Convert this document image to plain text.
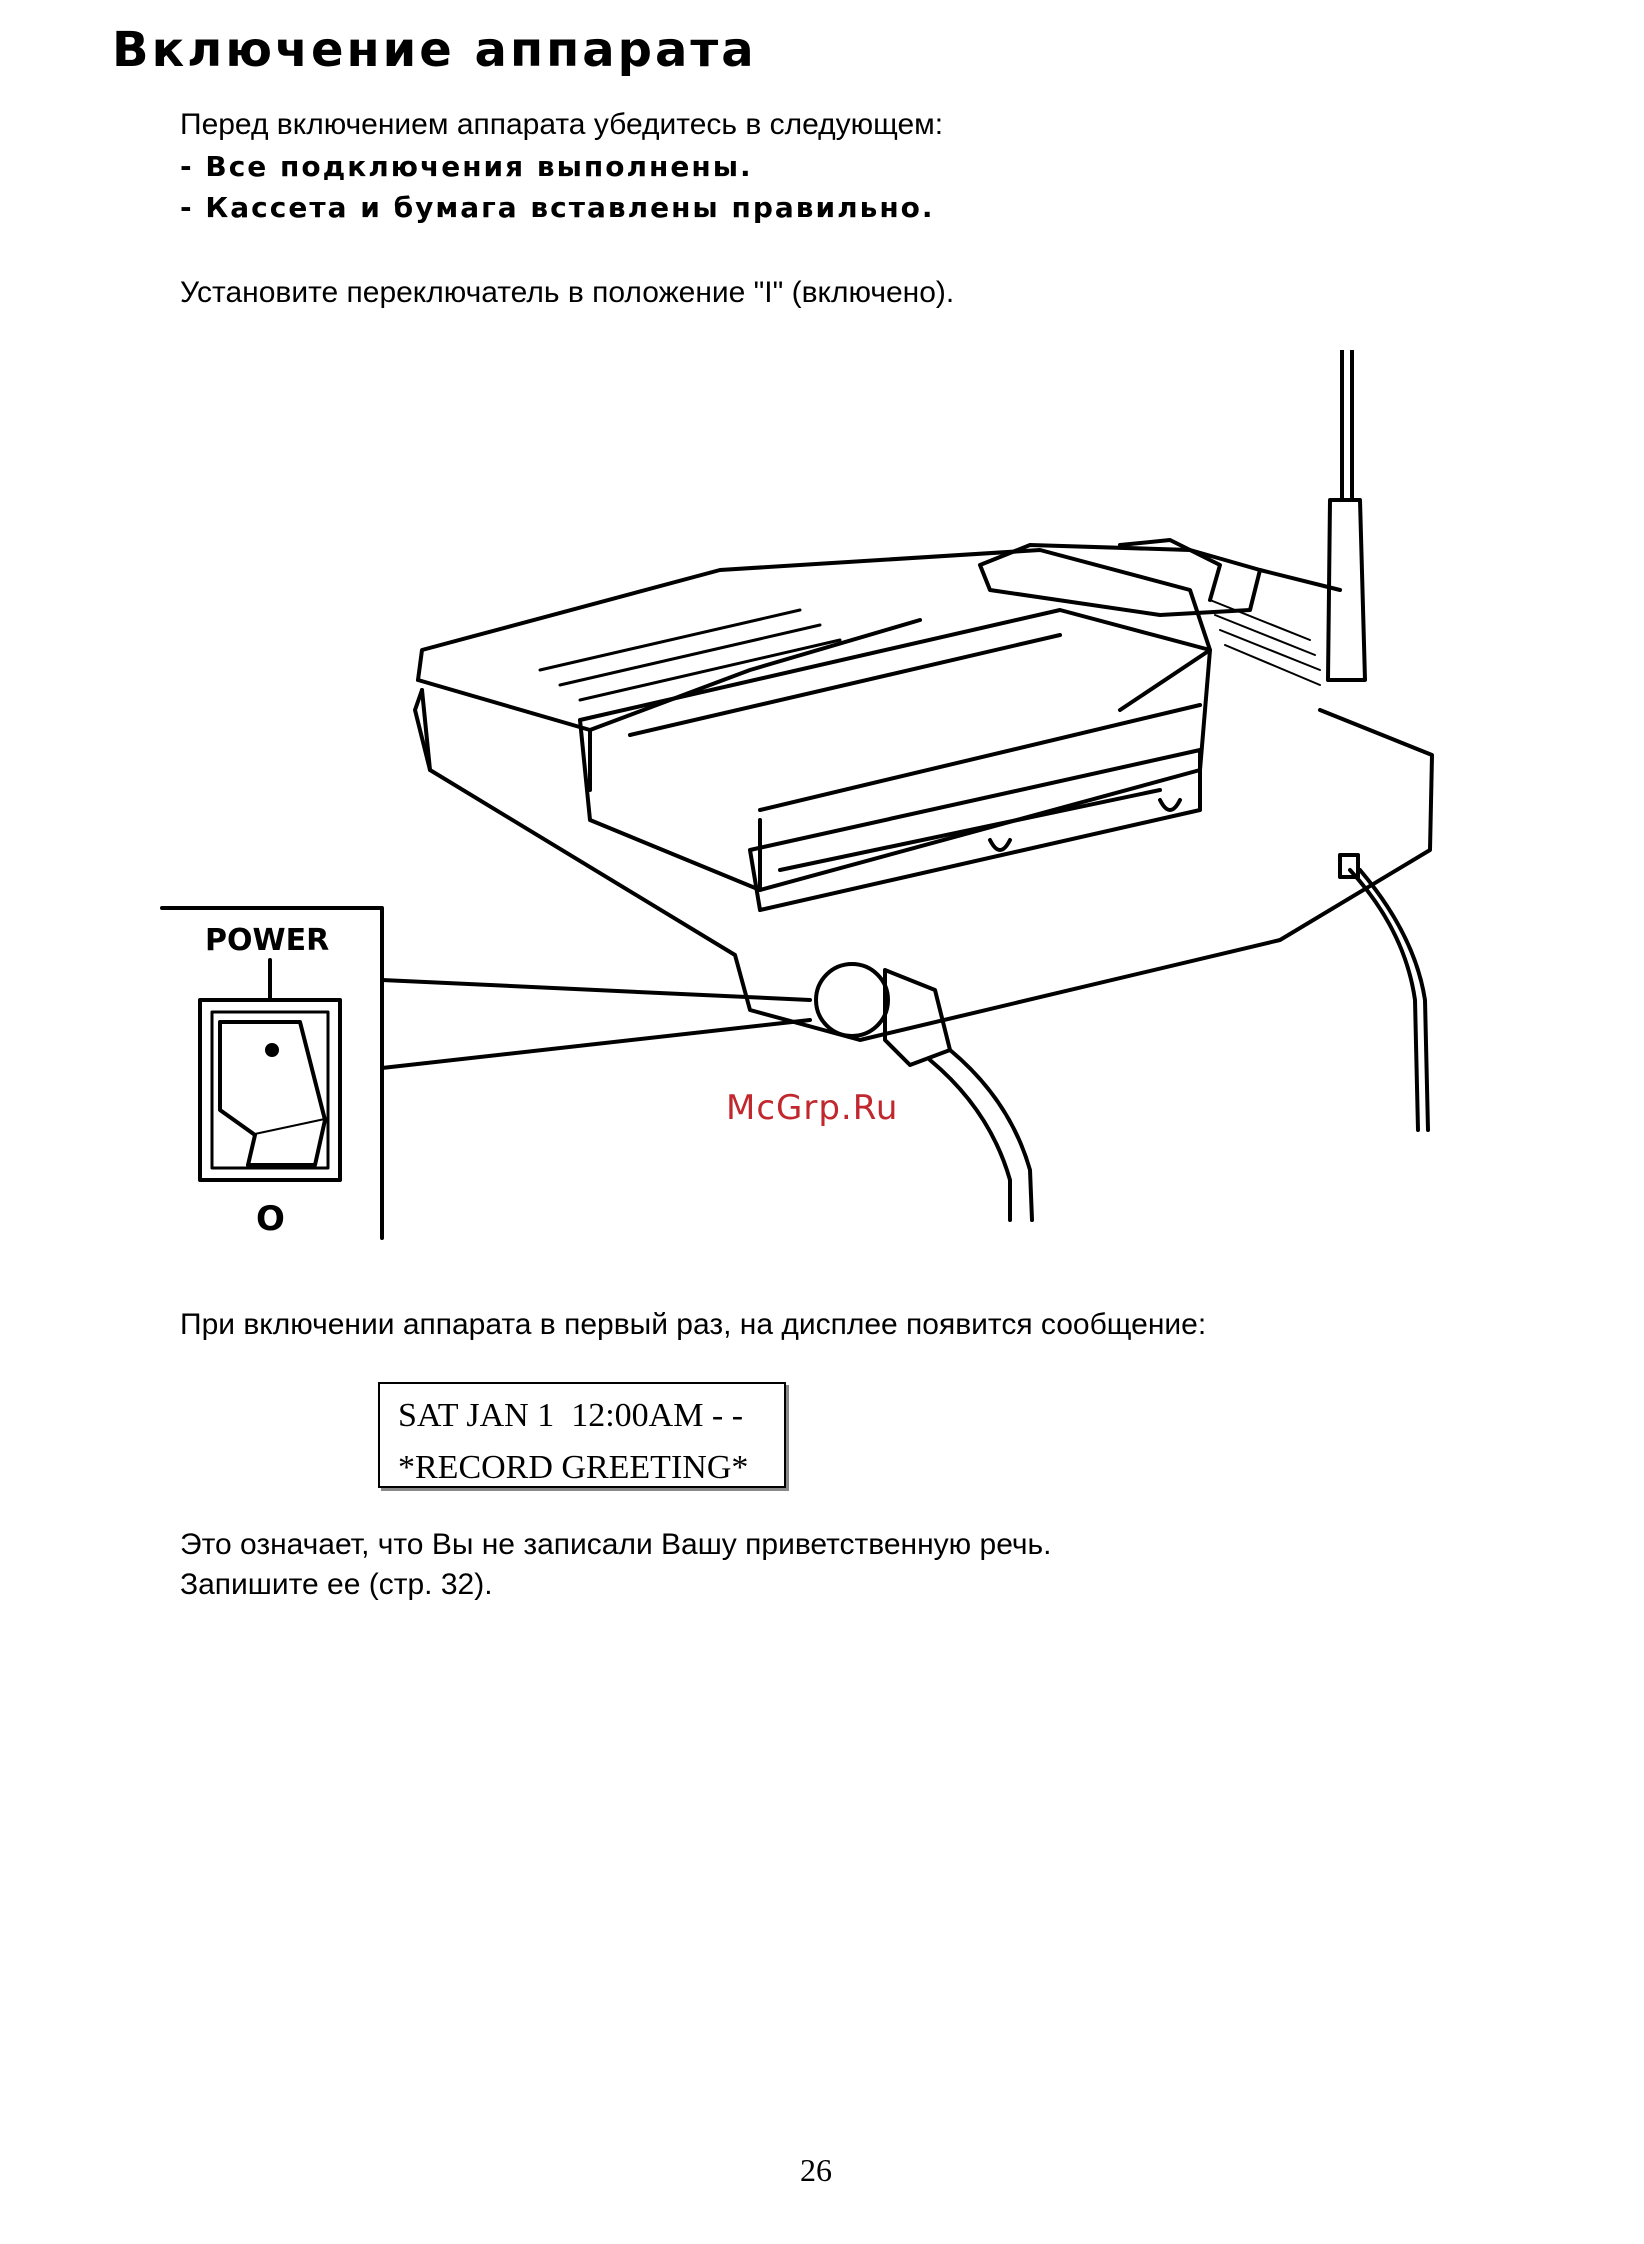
Включение аппарата
Перед включением аппарата убедитесь в следующем:
- Все подключения выполнены.
- Кассета и бумага вставлены правильно.
Установите переключатель в положение "I" (включено).
POWER
O
McGrp.Ru
При включении аппарата в первый раз, на дисплее появится сообщение:
SAT JAN 1  12:00AM - -
*RECORD GREETING*
Это означает, что Вы не записали Вашу приветственную речь.
Запишите ее (стр. 32).
26
